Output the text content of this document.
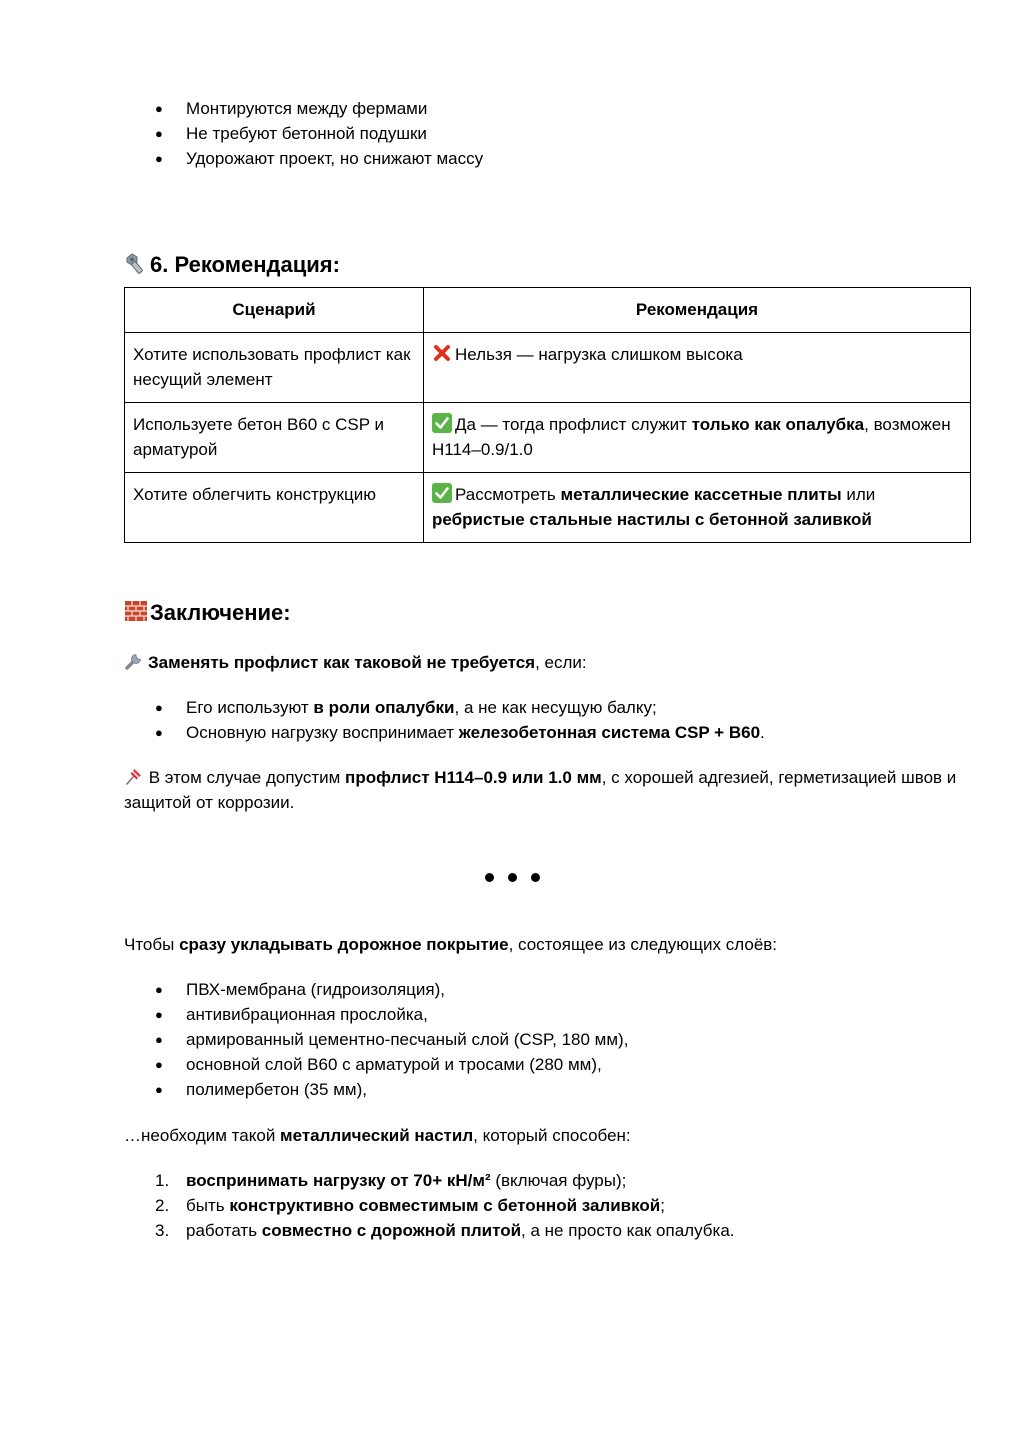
● Монтируются между фермами
● Не требуют бетонной подушки
● Удорожают проект, но снижают массу
6. Рекомендация:
Сценарий	Рекомендация
Хотите использовать профлист как несущий элемент	Нельзя — нагрузка слишком высока
Используете бетон B60 с CSP и арматурой	Да — тогда профлист служит только как опалубка, возможен H114–0.9/1.0
Хотите облегчить конструкцию	Рассмотреть металлические кассетные плиты или ребристые стальные настилы с бетонной заливкой
Заключение:

Заменять профлист как таковой не требуется, если:

● Его используют в роли опалубки, а не как несущую балку;
● Основную нагрузку воспринимает железобетонная система CSP + B60.

В этом случае допустим профлист H114–0.9 или 1.0 мм, с хорошей адгезией, герметизацией швов и защитой от коррозии.

Чтобы сразу укладывать дорожное покрытие, состоящее из следующих слоёв:

● ПВХ-мембрана (гидроизоляция),
● антивибрационная прослойка,
● армированный цементно-песчаный слой (CSP, 180 мм),
● основной слой B60 с арматурой и тросами (280 мм),
● полимербетон (35 мм),

…необходим такой металлический настил, который способен:

1. воспринимать нагрузку от 70+ кН/м² (включая фуры);
2. быть конструктивно совместимым с бетонной заливкой;
3. работать совместно с дорожной плитой, а не просто как опалубка.
